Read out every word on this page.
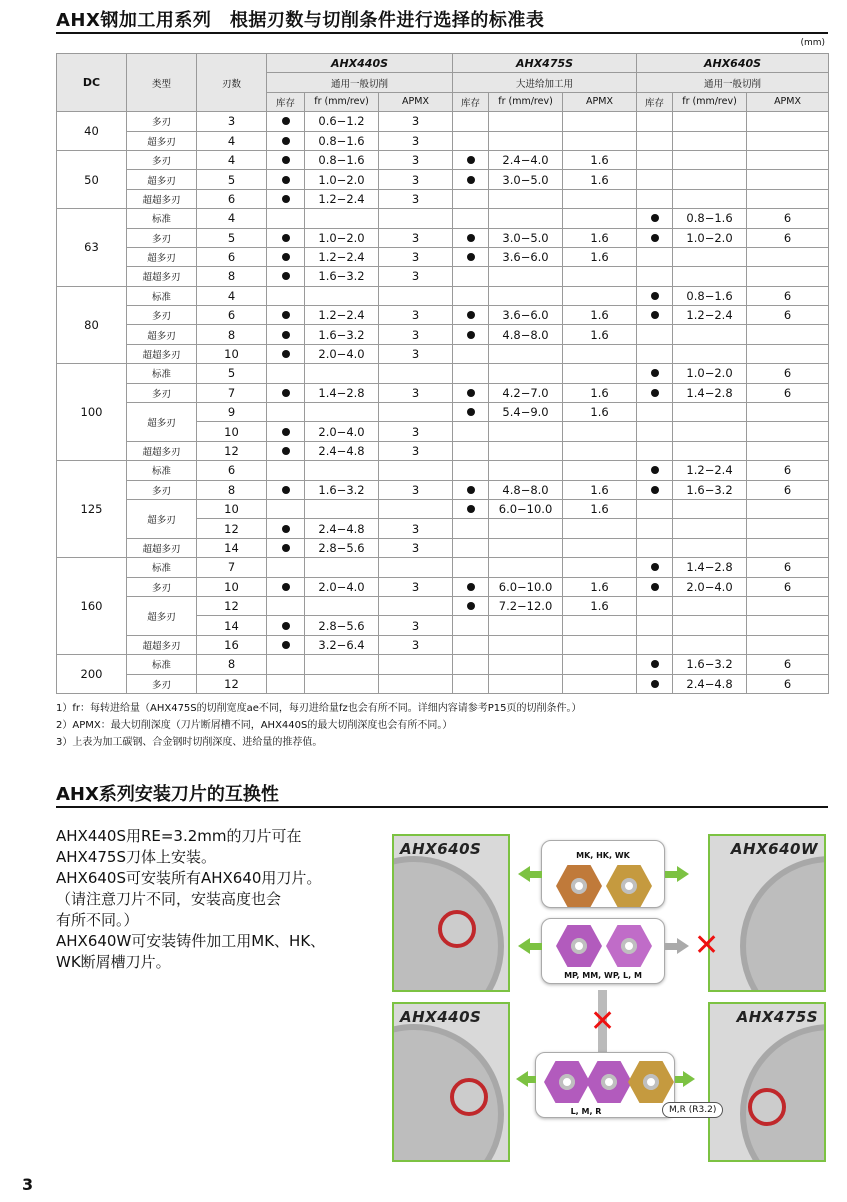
AHX钢加工用系列　根据刃数与切削条件进行选择的标准表
(mm)
DC	类型	刃数	AHX440S			AHX475S			AHX640S		
			通用一般切削			大进给加工用			通用一般切削		
			库存	fr (mm/rev)	APMX	库存	fr (mm/rev)	APMX	库存	fr (mm/rev)	APMX
40	多刃	3		0.6−1.2	3						
	超多刃	4		0.8−1.6	3						
50	多刃	4		0.8−1.6	3		2.4−4.0	1.6			
	超多刃	5		1.0−2.0	3		3.0−5.0	1.6			
	超超多刃	6		1.2−2.4	3						
63	标准	4								0.8−1.6	6
	多刃	5		1.0−2.0	3		3.0−5.0	1.6		1.0−2.0	6
	超多刃	6		1.2−2.4	3		3.6−6.0	1.6			
	超超多刃	8		1.6−3.2	3						
80	标准	4								0.8−1.6	6
	多刃	6		1.2−2.4	3		3.6−6.0	1.6		1.2−2.4	6
	超多刃	8		1.6−3.2	3		4.8−8.0	1.6			
	超超多刃	10		2.0−4.0	3						
100	标准	5								1.0−2.0	6
	多刃	7		1.4−2.8	3		4.2−7.0	1.6		1.4−2.8	6
	超多刃	9					5.4−9.0	1.6			
		10		2.0−4.0	3						
	超超多刃	12		2.4−4.8	3						
125	标准	6								1.2−2.4	6
	多刃	8		1.6−3.2	3		4.8−8.0	1.6		1.6−3.2	6
	超多刃	10					6.0−10.0	1.6			
		12		2.4−4.8	3						
	超超多刃	14		2.8−5.6	3						
160	标准	7								1.4−2.8	6
	多刃	10		2.0−4.0	3		6.0−10.0	1.6		2.0−4.0	6
	超多刃	12					7.2−12.0	1.6			
		14		2.8−5.6	3						
	超超多刃	16		3.2−6.4	3						
200	标准	8								1.6−3.2	6
	多刃	12								2.4−4.8	6
1）fr：每转进给量（AHX475S的切削宽度ae不同，每刃进给量fz也会有所不同。详细内容请参考P15页的切削条件。）
2）APMX：最大切削深度（刀片断屑槽不同，AHX440S的最大切削深度也会有所不同。）
3）上表为加工碳钢、合金钢时切削深度、进给量的推荐值。
AHX系列安装刀片的互换性
AHX440S用RE=3.2mm的刀片可在
AHX475S刀体上安装。
AHX640S可安装所有AHX640用刀片。
（请注意刀片不同，安装高度也会
有所不同。）
AHX640W可安装铸件加工用MK、HK、
WK断屑槽刀片。
AHX640S	AHX640W
AHX440S	AHX475S
MK, HK, WK
MP, MM, WP, L, M
✕
✕
L, M, R	M,R (R3.2)
3
